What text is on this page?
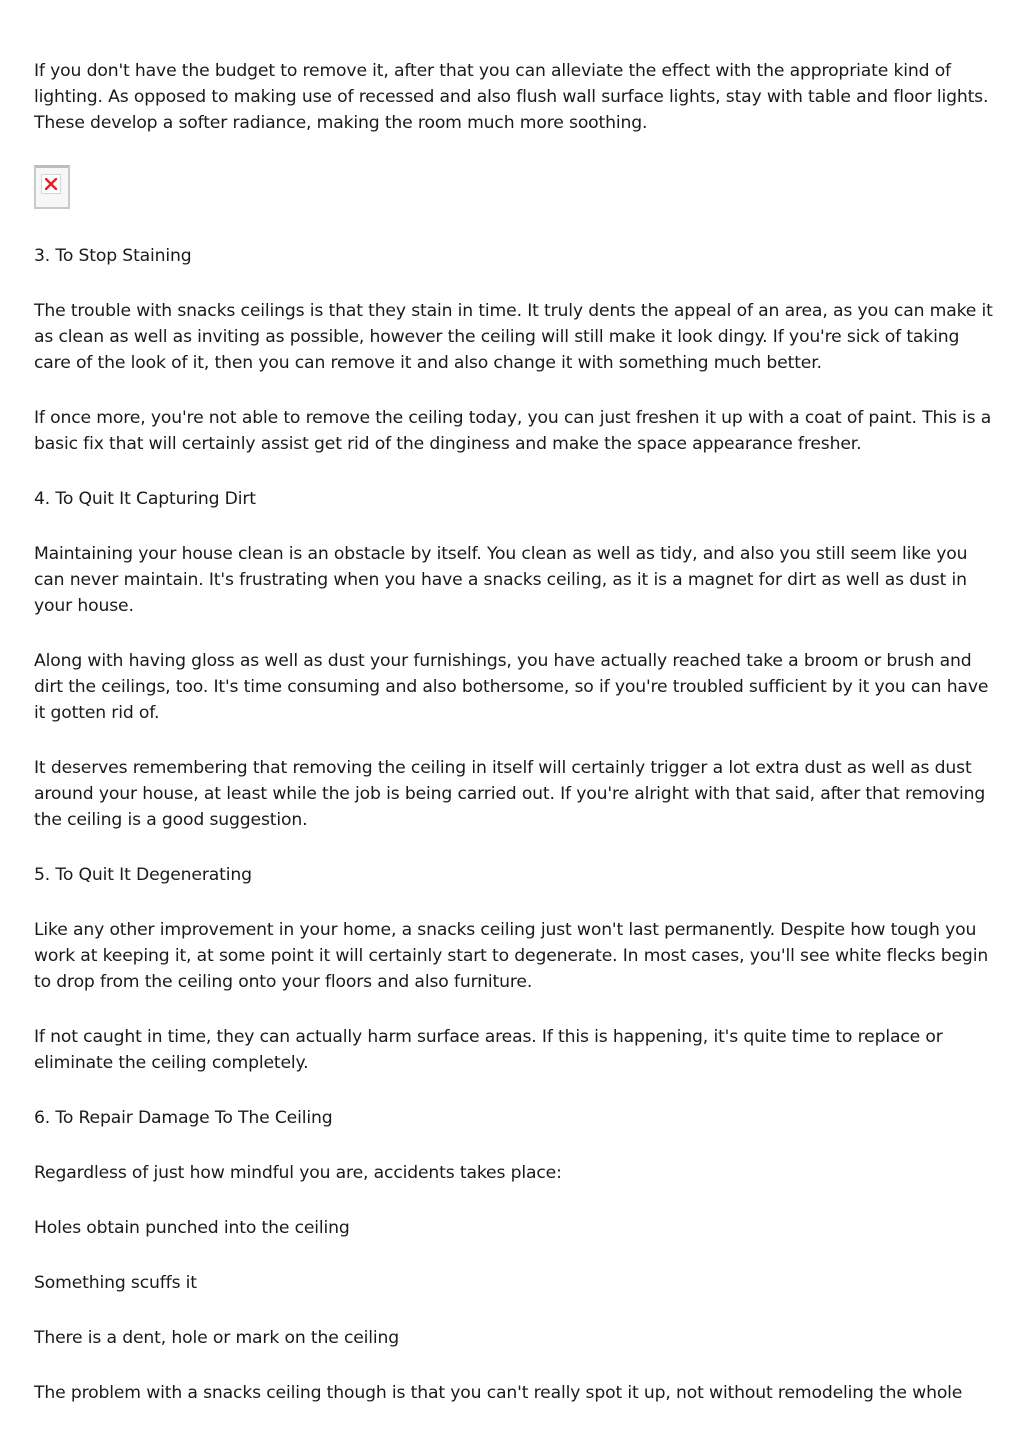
If you don't have the budget to remove it, after that you can alleviate the effect with the appropriate kind of lighting. As opposed to making use of recessed and also flush wall surface lights, stay with table and floor lights. These develop a softer radiance, making the room much more soothing.

3. To Stop Staining

The trouble with snacks ceilings is that they stain in time. It truly dents the appeal of an area, as you can make it as clean as well as inviting as possible, however the ceiling will still make it look dingy. If you're sick of taking care of the look of it, then you can remove it and also change it with something much better.

If once more, you're not able to remove the ceiling today, you can just freshen it up with a coat of paint. This is a basic fix that will certainly assist get rid of the dinginess and make the space appearance fresher.

4. To Quit It Capturing Dirt

Maintaining your house clean is an obstacle by itself. You clean as well as tidy, and also you still seem like you can never maintain. It's frustrating when you have a snacks ceiling, as it is a magnet for dirt as well as dust in your house.

Along with having gloss as well as dust your furnishings, you have actually reached take a broom or brush and dirt the ceilings, too. It's time consuming and also bothersome, so if you're troubled sufficient by it you can have it gotten rid of.

It deserves remembering that removing the ceiling in itself will certainly trigger a lot extra dust as well as dust around your house, at least while the job is being carried out. If you're alright with that said, after that removing the ceiling is a good suggestion.

5. To Quit It Degenerating

Like any other improvement in your home, a snacks ceiling just won't last permanently. Despite how tough you work at keeping it, at some point it will certainly start to degenerate. In most cases, you'll see white flecks begin to drop from the ceiling onto your floors and also furniture.

If not caught in time, they can actually harm surface areas. If this is happening, it's quite time to replace or eliminate the ceiling completely.

6. To Repair Damage To The Ceiling

Regardless of just how mindful you are, accidents takes place:

Holes obtain punched into the ceiling

Something scuffs it

There is a dent, hole or mark on the ceiling

The problem with a snacks ceiling though is that you can't really spot it up, not without remodeling the whole
